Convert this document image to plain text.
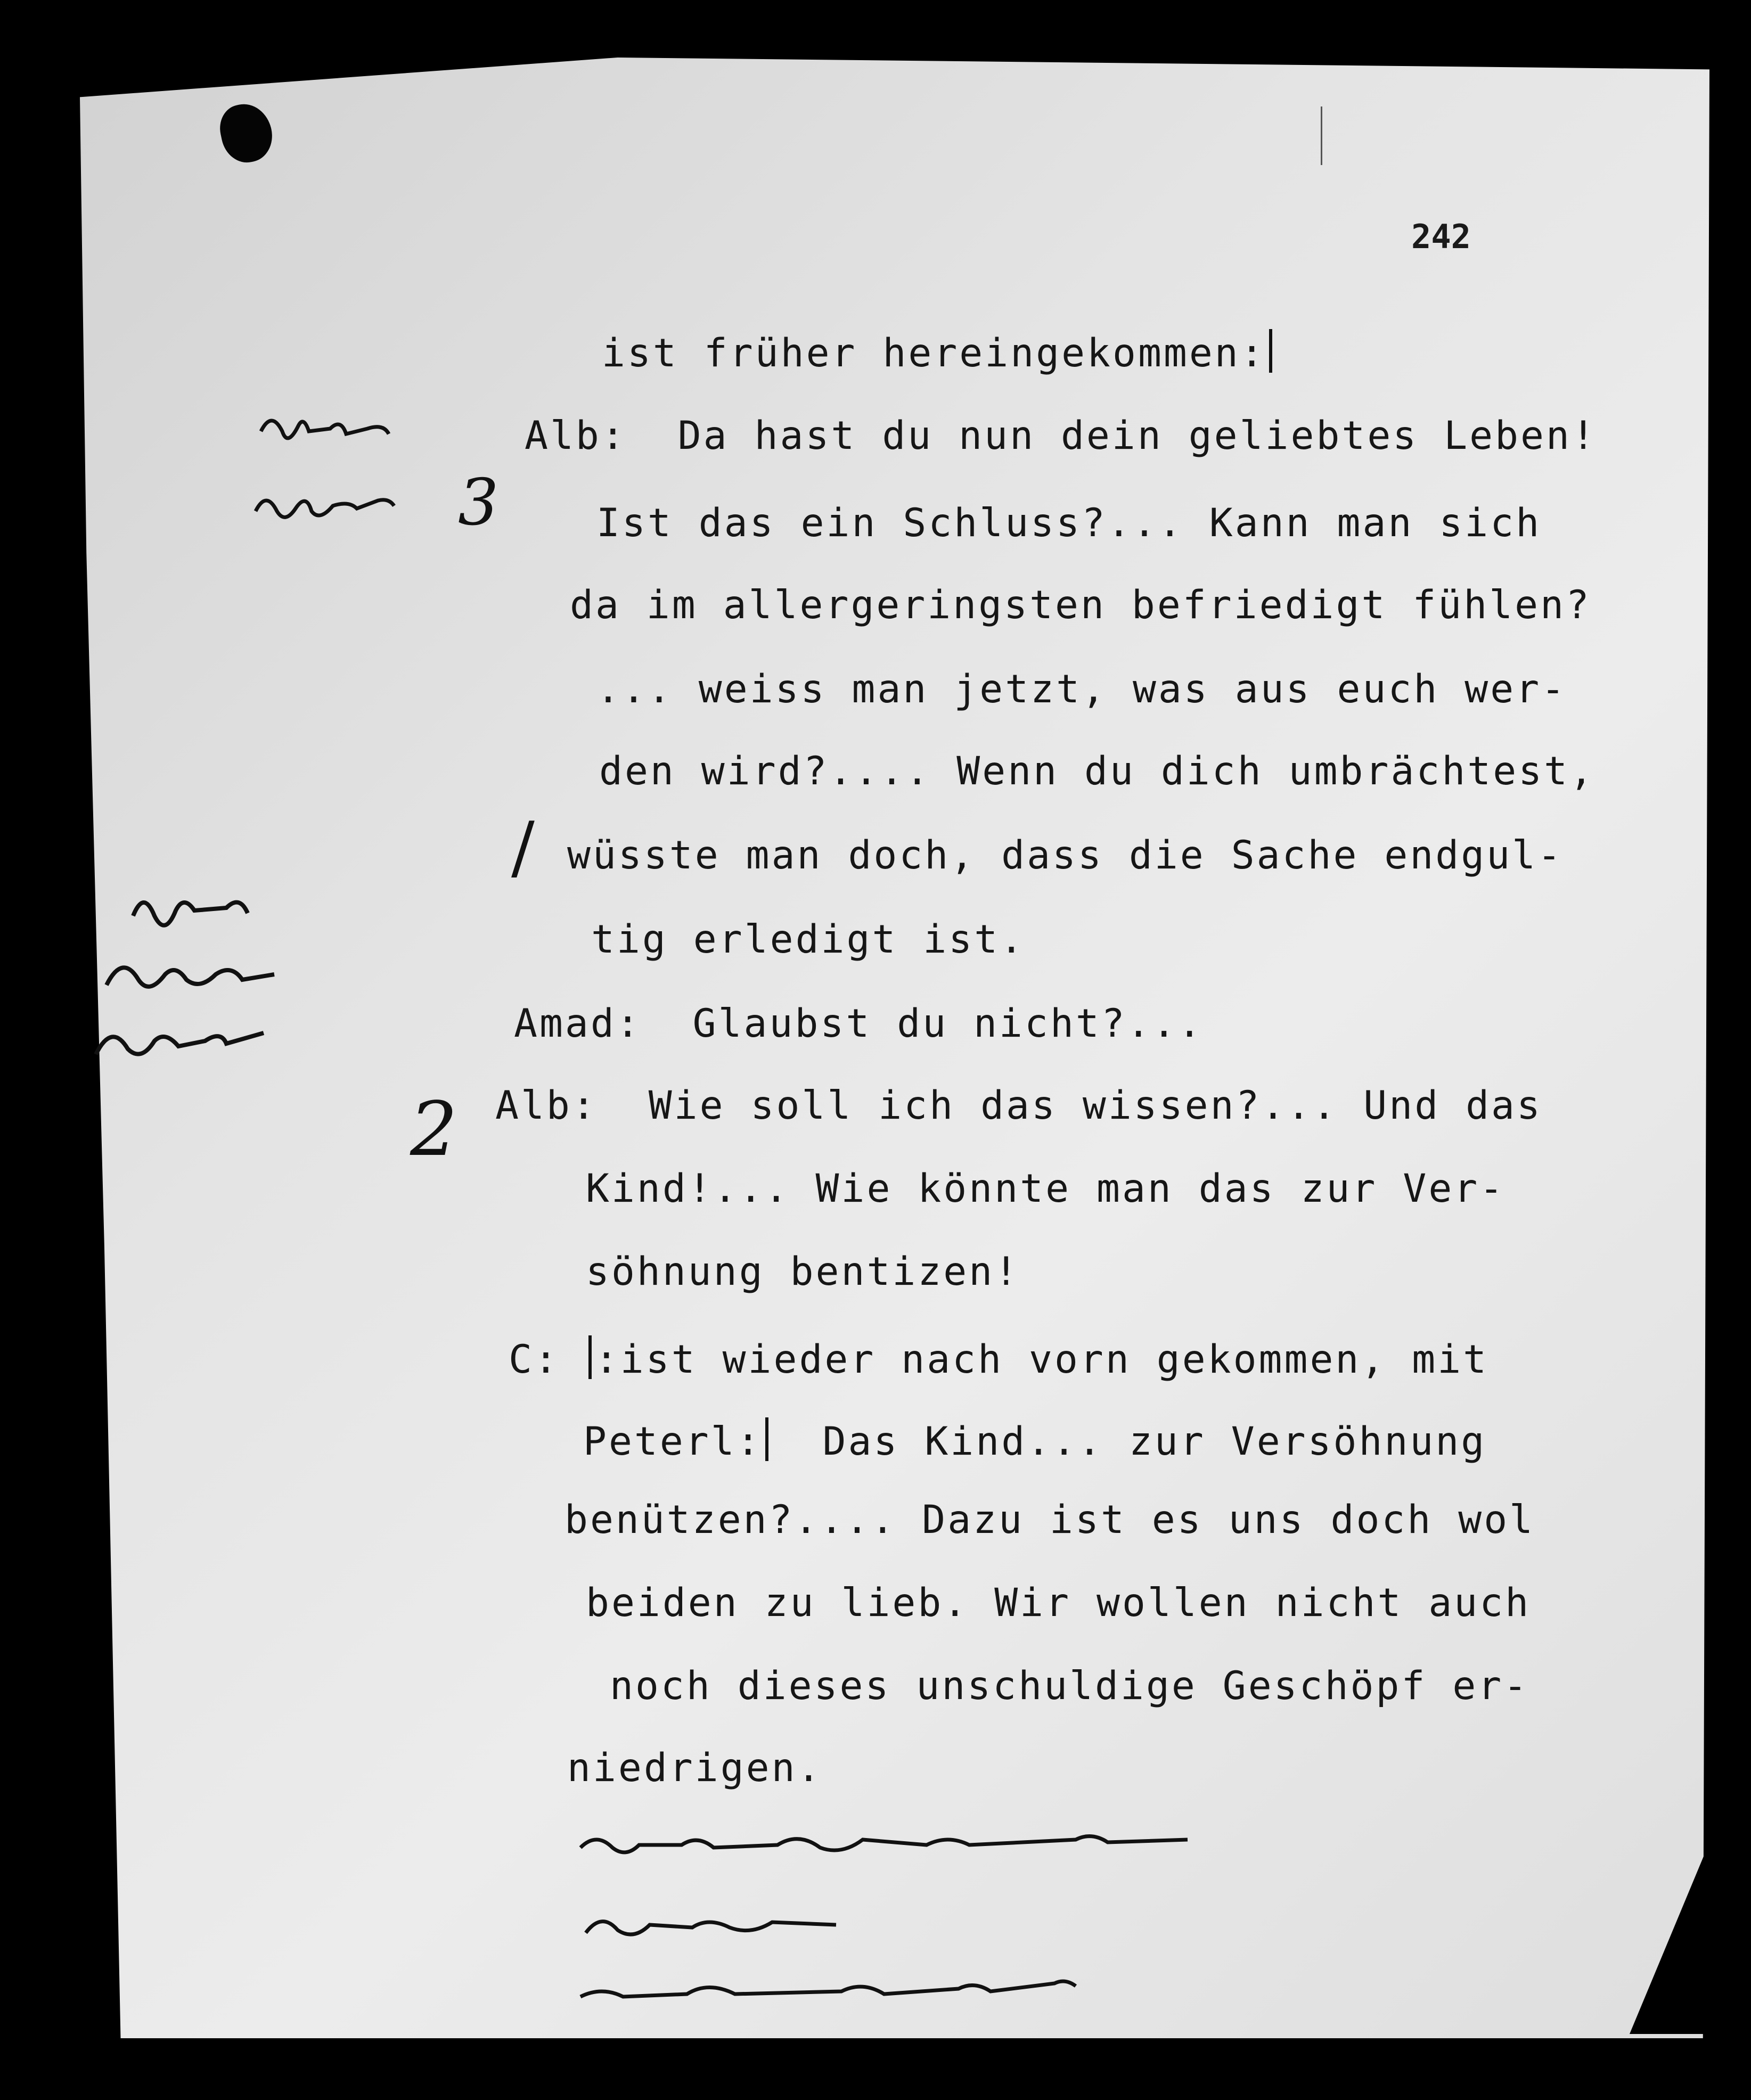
242
ist früher hereingekommen:
Alb: Da hast du nun dein geliebtes Leben!
Ist das ein Schluss?... Kann man sich
da im allergeringsten befriedigt fühlen?
... weiss man jetzt, was aus euch wer-
den wird?.... Wenn du dich umbrächtest,
wüsste man doch, dass die Sache endgul-
tig erledigt ist.
Amad: Glaubst du nicht?...
Alb: Wie soll ich das wissen?... Und das
Kind!... Wie könnte man das zur Ver-
söhnung bentizen!
C: :ist wieder nach vorn gekommen, mit
Peterl: Das Kind... zur Versöhnung
benützen?.... Dazu ist es uns doch wol
beiden zu lieb. Wir wollen nicht auch
noch dieses unschuldige Geschöpf er-
niedrigen.
3
/
2
